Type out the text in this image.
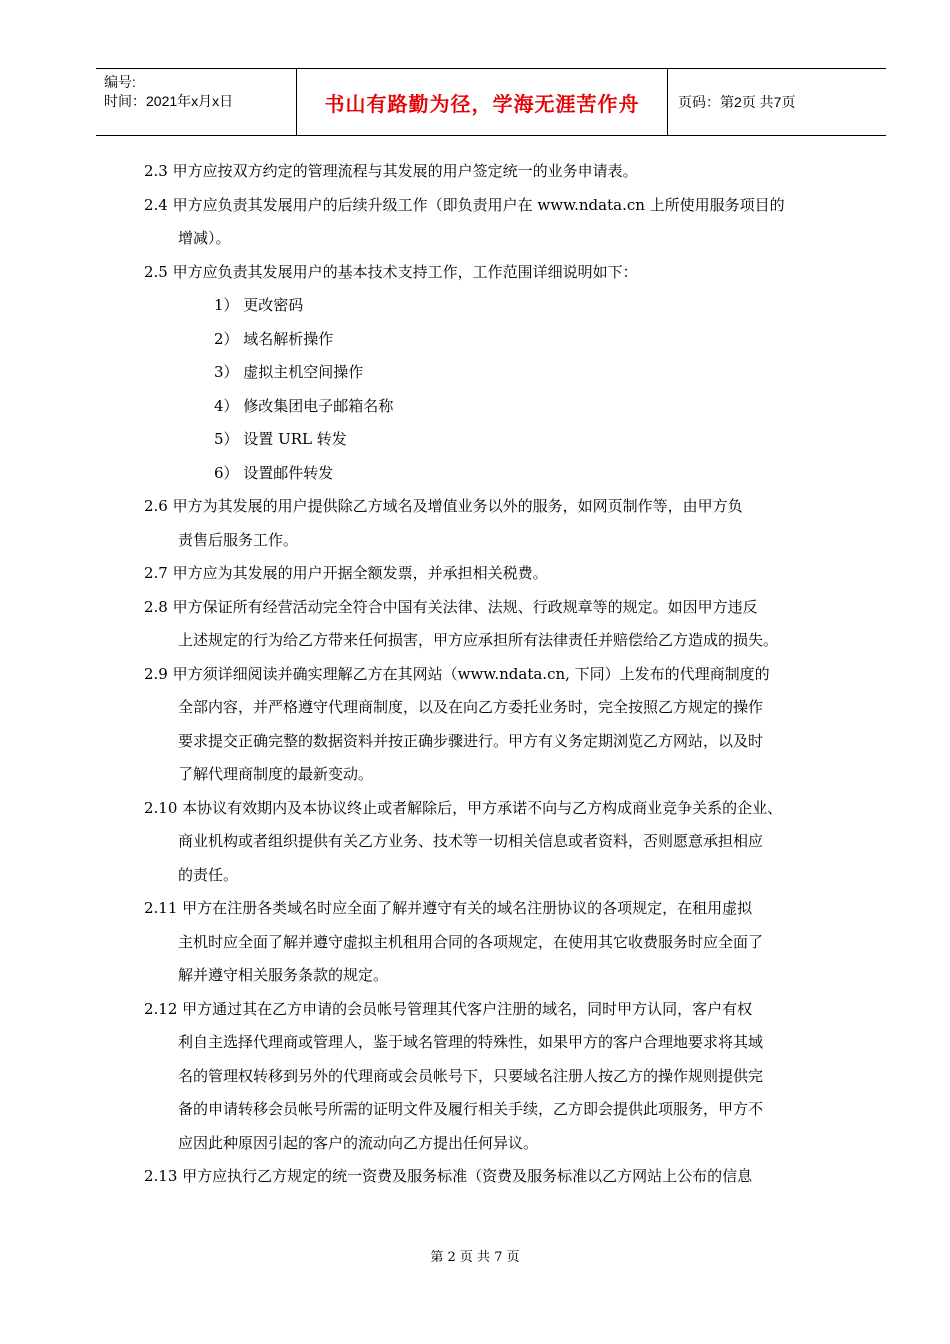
编号:
时间：2021年x月x日	书山有路勤为径，学海无涯苦作舟	页码：第2页 共7页
2.3 甲方应按双方约定的管理流程与其发展的用户签定统一的业务申请表。
2.4 甲方应负责其发展用户的后续升级工作（即负责用户在 www.ndata.cn 上所使用服务项目的
增减）。
2.5 甲方应负责其发展用户的基本技术支持工作，工作范围详细说明如下：
1） 更改密码
2） 域名解析操作
3） 虚拟主机空间操作
4） 修改集团电子邮箱名称
5） 设置 URL 转发
6） 设置邮件转发
2.6 甲方为其发展的用户提供除乙方域名及增值业务以外的服务，如网页制作等，由甲方负
责售后服务工作。
2.7 甲方应为其发展的用户开据全额发票，并承担相关税费。
2.8 甲方保证所有经营活动完全符合中国有关法律、法规、行政规章等的规定。如因甲方违反
上述规定的行为给乙方带来任何损害，甲方应承担所有法律责任并赔偿给乙方造成的损失。
2.9 甲方须详细阅读并确实理解乙方在其网站（www.ndata.cn, 下同）上发布的代理商制度的
全部内容，并严格遵守代理商制度，以及在向乙方委托业务时，完全按照乙方规定的操作
要求提交正确完整的数据资料并按正确步骤进行。甲方有义务定期浏览乙方网站，以及时
了解代理商制度的最新变动。
2.10 本协议有效期内及本协议终止或者解除后，甲方承诺不向与乙方构成商业竞争关系的企业、
商业机构或者组织提供有关乙方业务、技术等一切相关信息或者资料，否则愿意承担相应
的责任。
2.11 甲方在注册各类域名时应全面了解并遵守有关的域名注册协议的各项规定，在租用虚拟
主机时应全面了解并遵守虚拟主机租用合同的各项规定，在使用其它收费服务时应全面了
解并遵守相关服务条款的规定。
2.12 甲方通过其在乙方申请的会员帐号管理其代客户注册的域名，同时甲方认同，客户有权
利自主选择代理商或管理人，鉴于域名管理的特殊性，如果甲方的客户合理地要求将其域
名的管理权转移到另外的代理商或会员帐号下，只要域名注册人按乙方的操作规则提供完
备的申请转移会员帐号所需的证明文件及履行相关手续，乙方即会提供此项服务，甲方不
应因此种原因引起的客户的流动向乙方提出任何异议。
2.13 甲方应执行乙方规定的统一资费及服务标准（资费及服务标准以乙方网站上公布的信息
第 2 页 共 7 页
